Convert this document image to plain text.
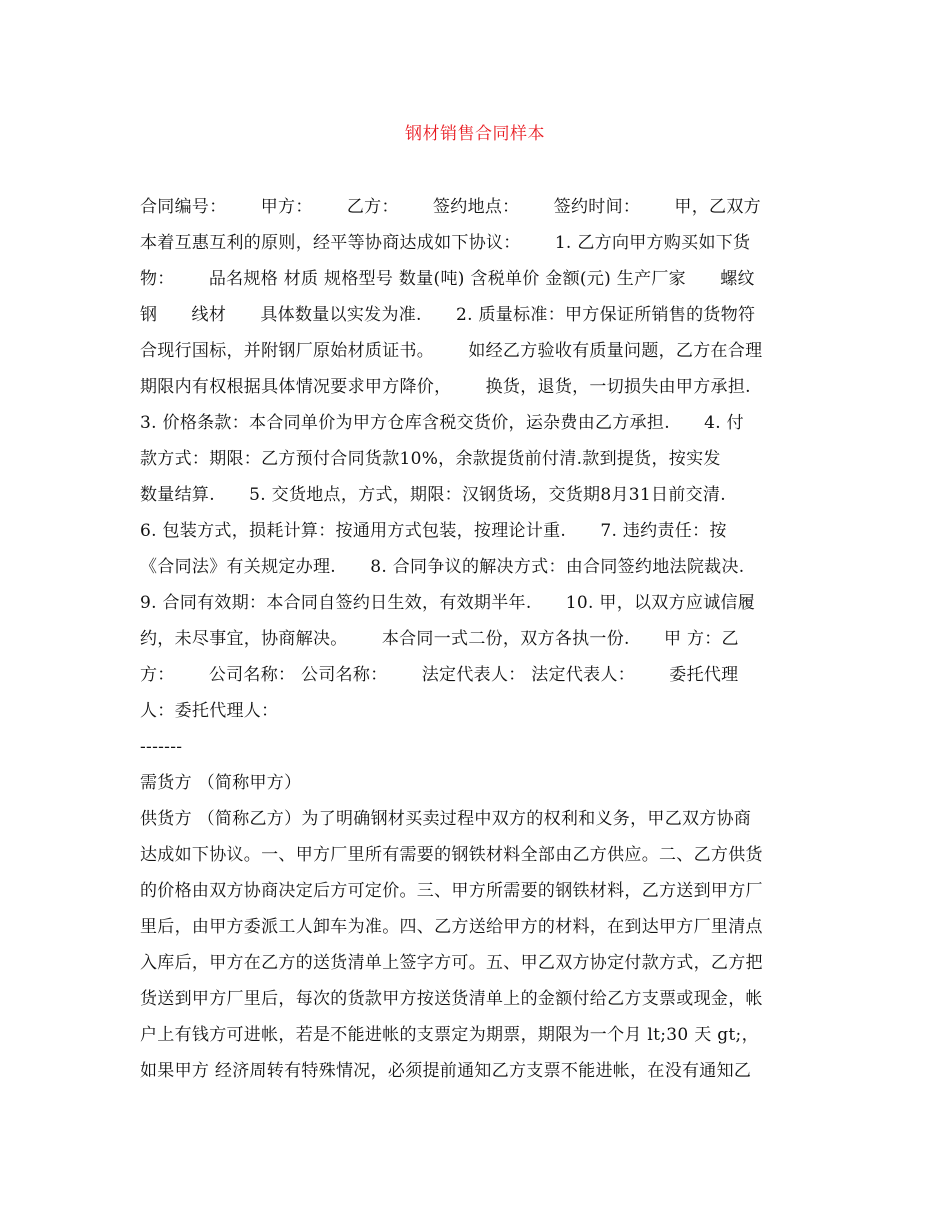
钢材销售合同样本
合同编号：      甲方：      乙方：      签约地点：      签约时间：      甲，乙双方
本着互惠互利的原则，经平等协商达成如下协议：      1. 乙方向甲方购买如下货
物：      品名规格 材质 规格型号 数量(吨) 含税单价 金额(元) 生产厂家      螺纹
钢      线材      具体数量以实发为准.      2. 质量标准：甲方保证所销售的货物符
合现行国标，并附钢厂原始材质证书。      如经乙方验收有质量问题，乙方在合理
期限内有权根据具体情况要求甲方降价，      换货，退货，一切损失由甲方承担.
3. 价格条款：本合同单价为甲方仓库含税交货价，运杂费由乙方承担.      4. 付
款方式：期限：乙方预付合同货款10%，余款提货前付清.款到提货，按实发
数量结算.      5. 交货地点，方式，期限：汉钢货场，交货期8月31日前交清.
6. 包装方式，损耗计算：按通用方式包装，按理论计重.      7. 违约责任：按
《合同法》有关规定办理.      8. 合同争议的解决方式：由合同签约地法院裁决.
9. 合同有效期：本合同自签约日生效，有效期半年.      10. 甲，以双方应诚信履
约，未尽事宜，协商解决。      本合同一式二份，双方各执一份.      甲 方：乙
方：      公司名称： 公司名称：      法定代表人： 法定代表人：      委托代理
人：委托代理人：
-------
需货方 （简称甲方）
供货方 （简称乙方）为了明确钢材买卖过程中双方的权利和义务，甲乙双方协商
达成如下协议。一、甲方厂里所有需要的钢铁材料全部由乙方供应。二、乙方供货
的价格由双方协商决定后方可定价。三、甲方所需要的钢铁材料，乙方送到甲方厂
里后，由甲方委派工人卸车为准。四、乙方送给甲方的材料，在到达甲方厂里清点
入库后，甲方在乙方的送货清单上签字方可。五、甲乙双方协定付款方式，乙方把
货送到甲方厂里后，每次的货款甲方按送货清单上的金额付给乙方支票或现金，帐
户上有钱方可进帐，若是不能进帐的支票定为期票，期限为一个月 lt;30 天 gt;，
如果甲方 经济周转有特殊情况，必须提前通知乙方支票不能进帐，在没有通知乙
